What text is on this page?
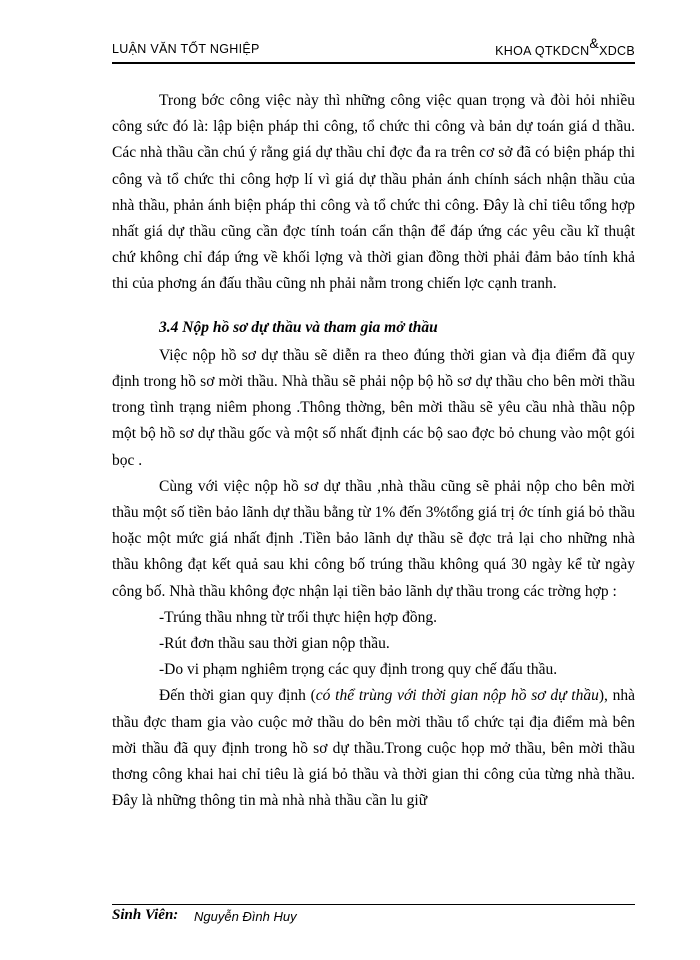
LUẬN VĂN TỐT NGHIỆP	KHOA QTKDCN&XDCB

Trong bớc công việc này thì những công việc quan trọng và đòi hỏi nhiều công sức đó là: lập biện pháp thi công, tổ chức thi công và bản dự toán giá d thầu. Các nhà thầu cần chú ý rằng giá dự thầu chỉ đợc đa ra trên cơ sở đã có biện pháp thi công và tổ chức thi công hợp lí vì giá dự thầu phản ánh chính sách nhận thầu của nhà thầu, phản ánh biện pháp thi công và tổ chức thi công. Đây là chỉ tiêu tổng hợp nhất giá dự thầu cũng cần đợc tính toán cẩn thận để đáp ứng các yêu cầu kĩ thuật chứ không chỉ đáp ứng về khối lợng và thời gian đồng thời phải đảm bảo tính khả thi của phơng án đấu thầu cũng nh phải nằm trong chiến lợc cạnh tranh.

3.4 Nộp hồ sơ dự thầu và tham gia mở thầu

Việc nộp hồ sơ dự thầu sẽ diễn ra theo đúng thời gian và địa điểm đã quy định trong hồ sơ mời thầu. Nhà thầu sẽ phải nộp bộ hồ sơ dự thầu cho bên mời thầu trong tình trạng niêm phong .Thông thờng, bên mời thầu sẽ yêu cầu nhà thầu nộp một bộ hồ sơ dự thầu gốc và một số nhất định các bộ sao đợc bỏ chung vào một gói bọc .

Cùng với việc nộp hồ sơ dự thầu ,nhà thầu cũng sẽ phải nộp cho bên mời thầu một số tiền bảo lãnh dự thầu bằng từ 1% đến 3%tổng giá trị ớc tính giá bỏ thầu hoặc một mức giá nhất định .Tiền bảo lãnh dự thầu sẽ đợc trả lại cho những nhà thầu không đạt kết quả sau khi công bố trúng thầu không quá 30 ngày kể từ ngày công bố. Nhà thầu không đợc nhận lại tiền bảo lãnh dự thầu trong các trờng hợp :

-Trúng thầu nhng từ trối thực hiện hợp đồng.

-Rút đơn thầu sau thời gian nộp thầu.

-Do vi phạm nghiêm trọng các quy định trong quy chế đấu thầu.

Đến thời gian quy định (có thể trùng với thời gian nộp hồ sơ dự thầu), nhà thầu đợc tham gia vào cuộc mở thầu do bên mời thầu tổ chức tại địa điểm mà bên mời thầu đã quy định trong hồ sơ dự thầu.Trong cuộc họp mở thầu, bên mời thầu thơng công khai hai chỉ tiêu là giá bỏ thầu và thời gian thi công của từng nhà thầu. Đây là những thông tin mà nhà nhà thầu cần lu giữ

Sinh Viên: Nguyễn Đình Huy
